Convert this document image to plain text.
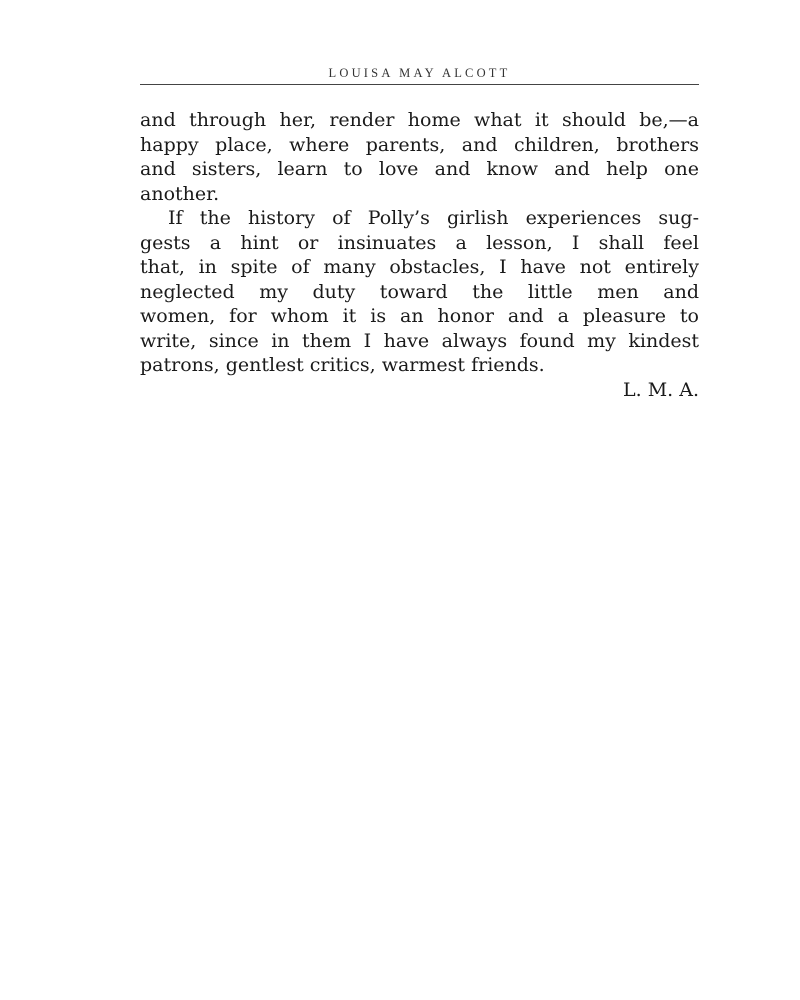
LOUISA MAY ALCOTT
and through her, render home what it should be,—a
happy place, where parents, and children, brothers
and sisters, learn to love and know and help one
another.
If the history of Polly’s girlish experiences sug-
gests a hint or insinuates a lesson, I shall feel
that, in spite of many obstacles, I have not entirely
neglected my duty toward the little men and
women, for whom it is an honor and a pleasure to
write, since in them I have always found my kindest
patrons, gentlest critics, warmest friends.
L. M. A.
